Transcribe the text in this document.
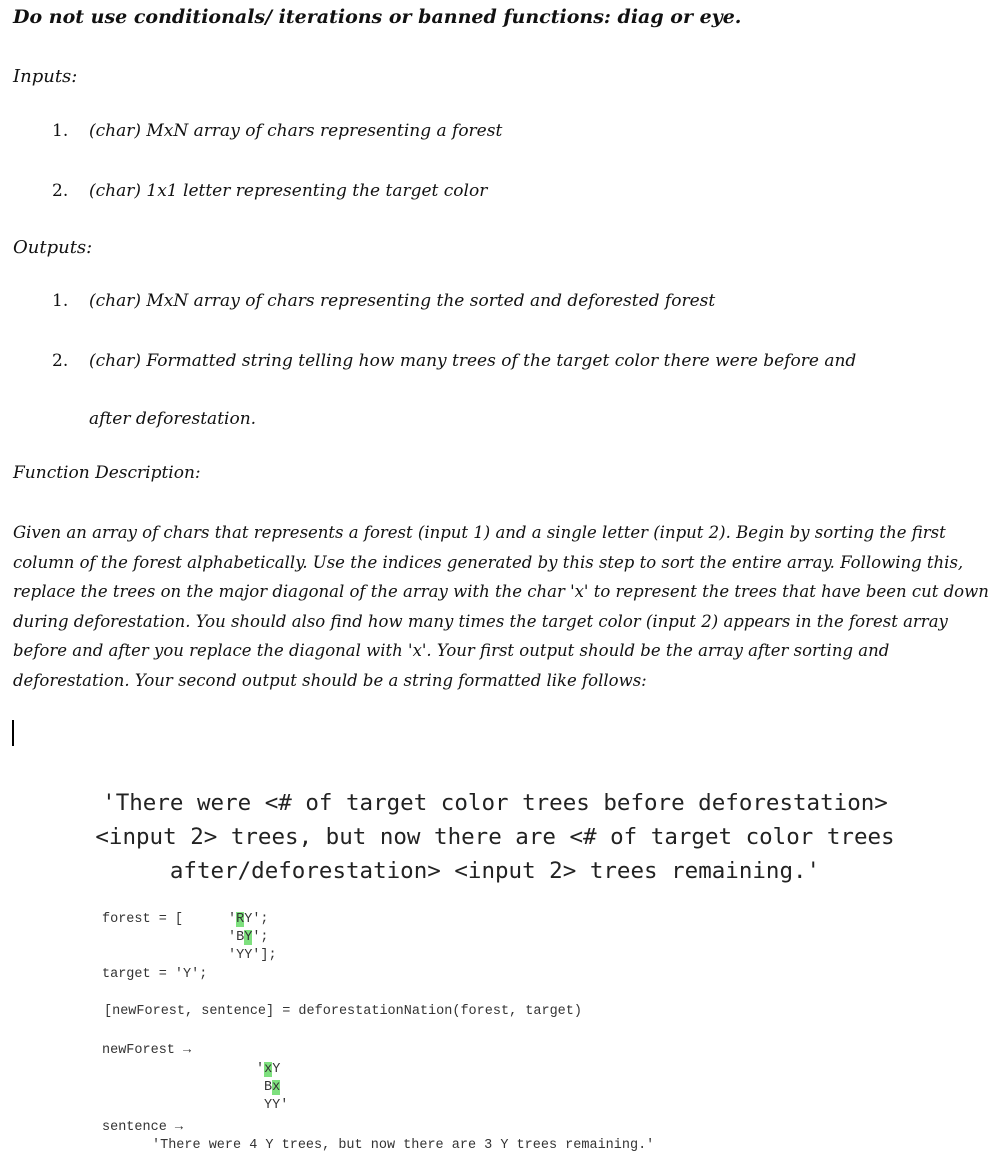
Do not use conditionals/ iterations or banned functions: diag or eye.
Inputs:
1. (char) MxN array of chars representing a forest
2. (char) 1x1 letter representing the target color
Outputs:
1. (char) MxN array of chars representing the sorted and deforested forest
2. (char) Formatted string telling how many trees of the target color there were before and
after deforestation.
Function Description:
Given an array of chars that represents a forest (input 1) and a single letter (input 2). Begin by sorting the first column of the forest alphabetically. Use the indices generated by this step to sort the entire array. Following this, replace the trees on the major diagonal of the array with the char 'x' to represent the trees that have been cut down during deforestation. You should also find how many times the target color (input 2) appears in the forest array before and after you replace the diagonal with 'x'. Your first output should be the array after sorting and deforestation. Your second output should be a string formatted like follows:
'There were <# of target color trees before deforestation>
<input 2> trees, but now there are <# of target color trees
after/deforestation> <input 2> trees remaining.'
forest = [	'RY';
'BY';
'YY'];
target = 'Y';
[newForest, sentence] = deforestationNation(forest, target)
newForest →
'xY
Bx
YY'
sentence →
'There were 4 Y trees, but now there are 3 Y trees remaining.'
